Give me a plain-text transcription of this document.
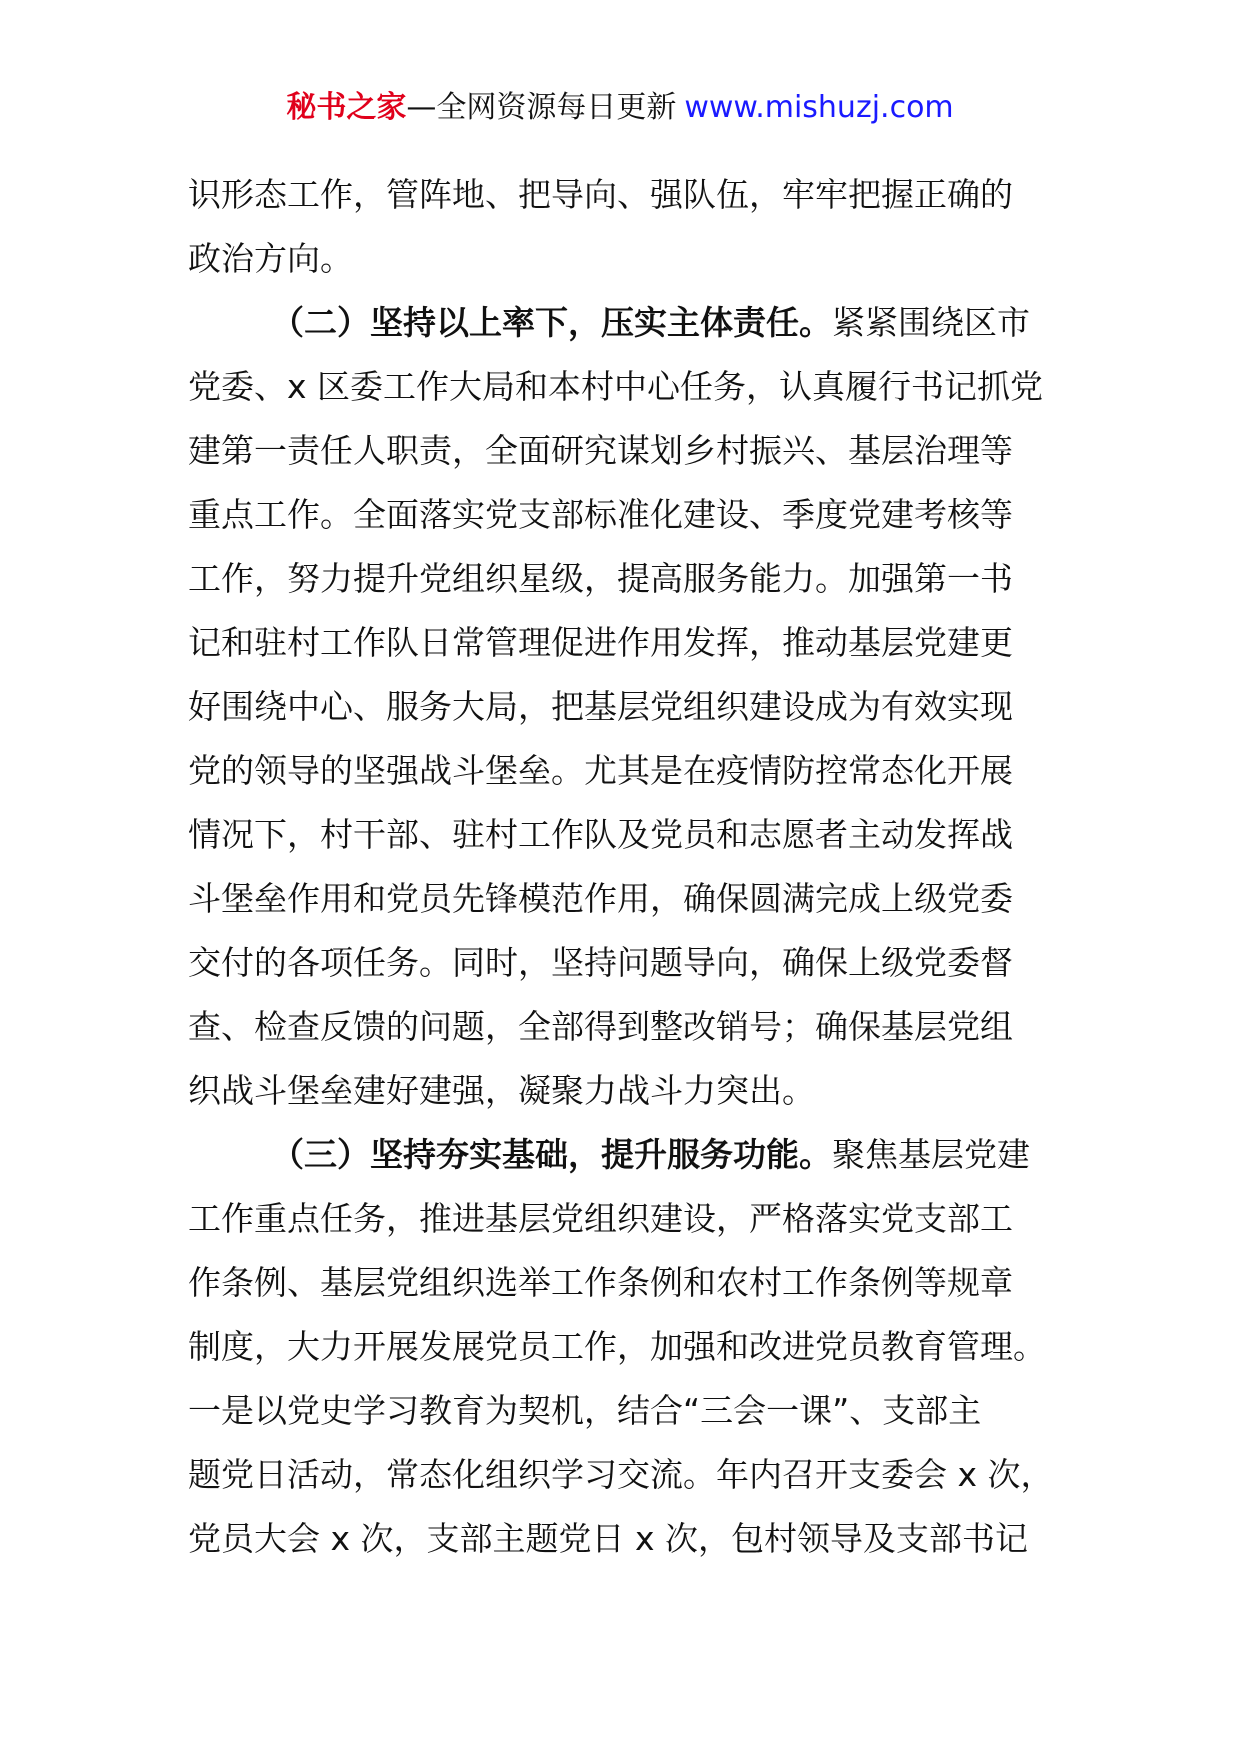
秘书之家—全网资源每日更新 www.mishuzj.com
识形态工作，管阵地、把导向、强队伍，牢牢把握正确的
政治方向。
（二）坚持以上率下，压实主体责任。紧紧围绕区市
党委、x 区委工作大局和本村中心任务，认真履行书记抓党
建第一责任人职责，全面研究谋划乡村振兴、基层治理等
重点工作。全面落实党支部标准化建设、季度党建考核等
工作，努力提升党组织星级，提高服务能力。加强第一书
记和驻村工作队日常管理促进作用发挥，推动基层党建更
好围绕中心、服务大局，把基层党组织建设成为有效实现
党的领导的坚强战斗堡垒。尤其是在疫情防控常态化开展
情况下，村干部、驻村工作队及党员和志愿者主动发挥战
斗堡垒作用和党员先锋模范作用，确保圆满完成上级党委
交付的各项任务。同时，坚持问题导向，确保上级党委督
查、检查反馈的问题，全部得到整改销号；确保基层党组
织战斗堡垒建好建强，凝聚力战斗力突出。
（三）坚持夯实基础，提升服务功能。聚焦基层党建
工作重点任务，推进基层党组织建设，严格落实党支部工
作条例、基层党组织选举工作条例和农村工作条例等规章
制度，大力开展发展党员工作，加强和改进党员教育管理。
一是以党史学习教育为契机，结合“三会一课”、支部主
题党日活动，常态化组织学习交流。年内召开支委会 x 次，
党员大会 x 次，支部主题党日 x 次，包村领导及支部书记
